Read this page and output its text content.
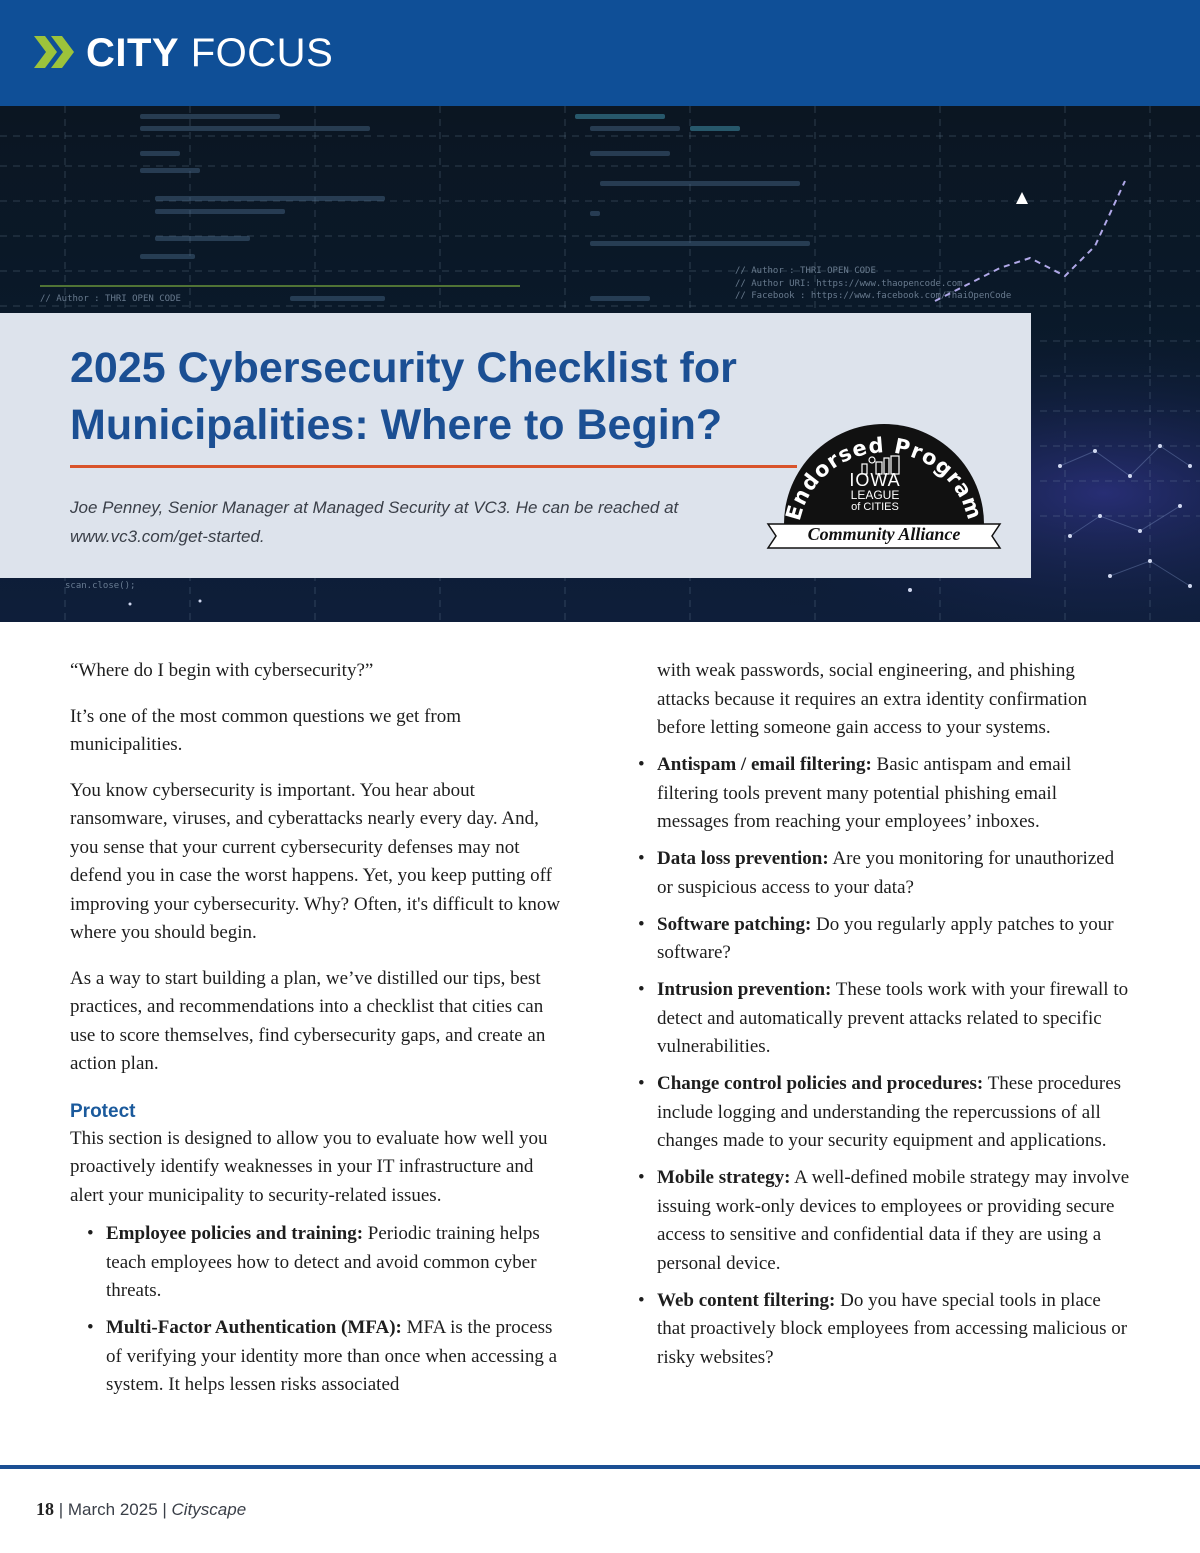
CITY FOCUS
// Author : THRI OPEN CODE
// Author : THRI OPEN CODE
// Author URI: https://www.thaopencode.com
// Facebook : https://www.facebook.com/ThaiOpenCode
scan.close();
2025 Cybersecurity Checklist for Municipalities: Where to Begin?
Joe Penney, Senior Manager at Managed Security at VC3. He can be reached at www.vc3.com/get-started.
Endorsed Program
IOWA
LEAGUE
of CITIES
Community Alliance

“Where do I begin with cybersecurity?”

It’s one of the most common questions we get from municipalities.

You know cybersecurity is important. You hear about ransomware, viruses, and cyberattacks nearly every day. And, you sense that your current cybersecurity defenses may not defend you in case the worst happens. Yet, you keep putting off improving your cybersecurity. Why? Often, it's difficult to know where you should begin.

As a way to start building a plan, we’ve distilled our tips, best practices, and recommendations into a checklist that cities can use to score themselves, find cybersecurity gaps, and create an action plan.

Protect

This section is designed to allow you to evaluate how well you proactively identify weaknesses in your IT infrastructure and alert your municipality to security-related issues.

• Employee policies and training: Periodic training helps teach employees how to detect and avoid common cyber threats.
• Multi-Factor Authentication (MFA): MFA is the process of verifying your identity more than once when accessing a system. It helps lessen risks associated
with weak passwords, social engineering, and phishing attacks because it requires an extra identity confirmation before letting someone gain access to your systems.
• Antispam / email filtering: Basic antispam and email filtering tools prevent many potential phishing email messages from reaching your employees’ inboxes.
• Data loss prevention: Are you monitoring for unauthorized or suspicious access to your data?
• Software patching: Do you regularly apply patches to your software?
• Intrusion prevention: These tools work with your firewall to detect and automatically prevent attacks related to specific vulnerabilities.
• Change control policies and procedures: These procedures include logging and understanding the repercussions of all changes made to your security equipment and applications.
• Mobile strategy: A well-defined mobile strategy may involve issuing work-only devices to employees or providing secure access to sensitive and confidential data if they are using a personal device.
• Web content filtering: Do you have special tools in place that proactively block employees from accessing malicious or risky websites?
18 | March 2025 | Cityscape
